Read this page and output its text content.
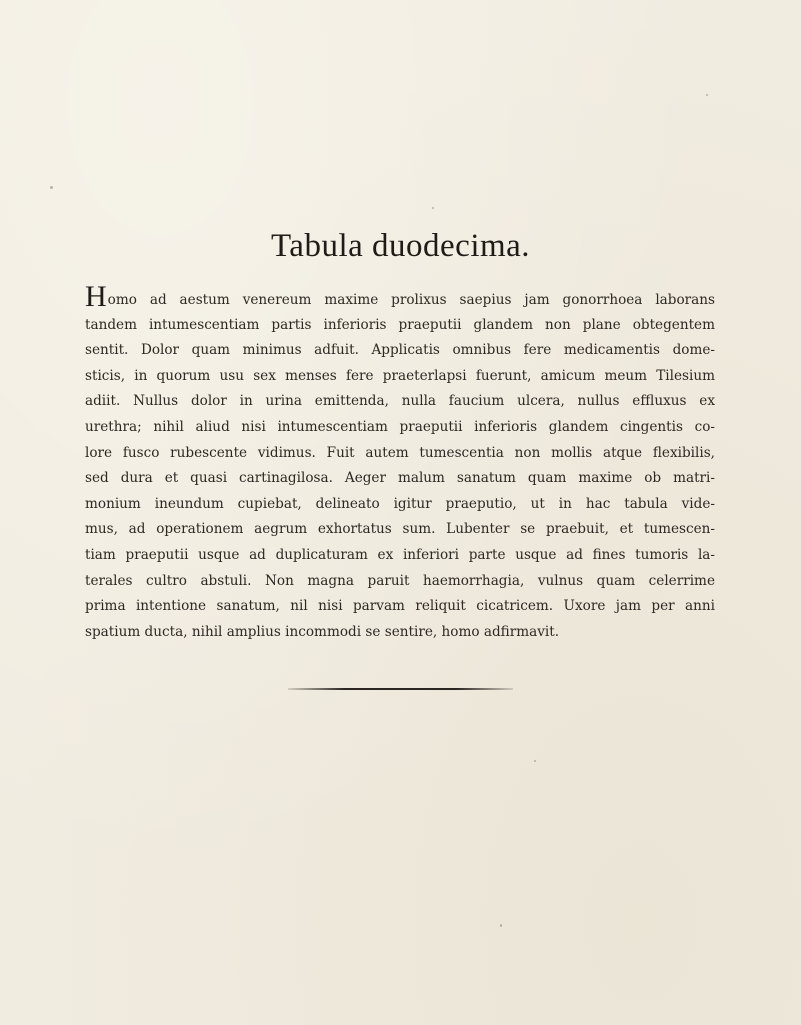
Tabula duodecima.
Homo ad aestum venereum maxime prolixus saepius jam gonorrhoea laborans
tandem intumescentiam partis inferioris praeputii glandem non plane obtegentem
sentit. Dolor quam minimus adfuit. Applicatis omnibus fere medicamentis dome-
sticis, in quorum usu sex menses fere praeterlapsi fuerunt, amicum meum Tilesium
adiit. Nullus dolor in urina emittenda, nulla faucium ulcera, nullus effluxus ex
urethra; nihil aliud nisi intumescentiam praeputii inferioris glandem cingentis co-
lore fusco rubescente vidimus. Fuit autem tumescentia non mollis atque flexibilis,
sed dura et quasi cartinagilosa. Aeger malum sanatum quam maxime ob matri-
monium ineundum cupiebat, delineato igitur praeputio, ut in hac tabula vide-
mus, ad operationem aegrum exhortatus sum. Lubenter se praebuit, et tumescen-
tiam praeputii usque ad duplicaturam ex inferiori parte usque ad fines tumoris la-
terales cultro abstuli. Non magna paruit haemorrhagia, vulnus quam celerrime
prima intentione sanatum, nil nisi parvam reliquit cicatricem. Uxore jam per anni
spatium ducta, nihil amplius incommodi se sentire, homo adfirmavit.
